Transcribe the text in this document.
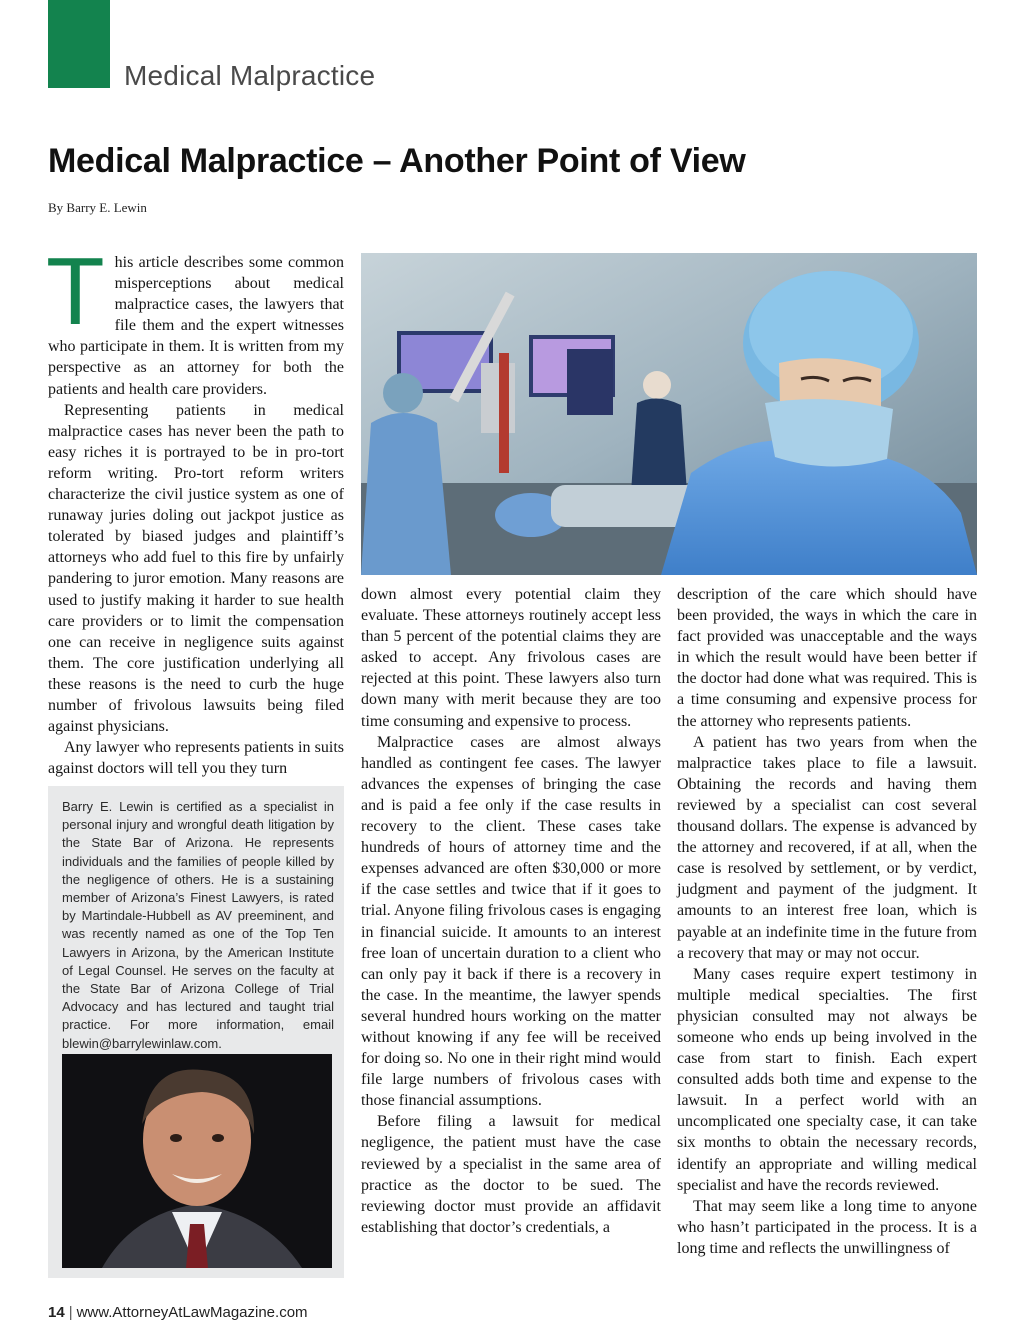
Medical Malpractice
Medical Malpractice – Another Point of View
By Barry E. Lewin
T his article describes some common misperceptions about medical malpractice cases, the lawyers that file them and the expert witnesses who participate in them. It is written from my perspective as an attorney for both the patients and health care providers.

Representing patients in medical malpractice cases has never been the path to easy riches it is portrayed to be in pro-tort reform writing. Pro-tort reform writers characterize the civil justice system as one of runaway juries doling out jackpot justice as tolerated by biased judges and plaintiff’s attorneys who add fuel to this fire by unfairly pandering to juror emotion. Many reasons are used to justify making it harder to sue health care providers or to limit the compensation one can receive in negligence suits against them. The core justification underlying all these reasons is the need to curb the huge number of frivolous lawsuits being filed against physicians.

Any lawyer who represents patients in suits against doctors will tell you they turn

down almost every potential claim they evaluate. These attorneys routinely accept less than 5 percent of the potential claims they are asked to accept. Any frivolous cases are rejected at this point. These lawyers also turn down many with merit because they are too time consuming and expensive to process.

Malpractice cases are almost always handled as contingent fee cases. The lawyer advances the expenses of bringing the case and is paid a fee only if the case results in recovery to the client. These cases take hundreds of hours of attorney time and the expenses advanced are often $30,000 or more if the case settles and twice that if it goes to trial. Anyone filing frivolous cases is engaging in financial suicide. It amounts to an interest free loan of uncertain duration to a client who can only pay it back if there is a recovery in the case. In the meantime, the lawyer spends several hundred hours working on the matter without knowing if any fee will be received for doing so. No one in their right mind would file large numbers of frivolous cases with those financial assumptions.

Before filing a lawsuit for medical negligence, the patient must have the case reviewed by a specialist in the same area of practice as the doctor to be sued. The reviewing doctor must provide an affidavit establishing that doctor’s credentials, a

description of the care which should have been provided, the ways in which the care in fact provided was unacceptable and the ways in which the result would have been better if the doctor had done what was required. This is a time consuming and expensive process for the attorney who represents patients.

A patient has two years from when the malpractice takes place to file a lawsuit. Obtaining the records and having them reviewed by a specialist can cost several thousand dollars. The expense is advanced by the attorney and recovered, if at all, when the case is resolved by settlement, or by verdict, judgment and payment of the judgment. It amounts to an interest free loan, which is payable at an indefinite time in the future from a recovery that may or may not occur.

Many cases require expert testimony in multiple medical specialties. The first physician consulted may not always be someone who ends up being involved in the case from start to finish. Each expert consulted adds both time and expense to the lawsuit. In a perfect world with an uncomplicated one specialty case, it can take six months to obtain the necessary records, identify an appropriate and willing medical specialist and have the records reviewed.

That may seem like a long time to anyone who hasn’t participated in the process. It is a long time and reflects the unwillingness of

Barry E. Lewin is certified as a specialist in personal injury and wrongful death litigation by the State Bar of Arizona. He represents individuals and the families of people killed by the negligence of others. He is a sustaining member of Arizona’s Finest Lawyers, is rated by Martindale-Hubbell as AV preeminent, and was recently named as one of the Top Ten Lawyers in Arizona, by the American Institute of Legal Counsel. He serves on the faculty at the State Bar of Arizona College of Trial Advocacy and has lectured and taught trial practice. For more information, email blewin@barrylewinlaw.com.
14 | www.AttorneyAtLawMagazine.com
